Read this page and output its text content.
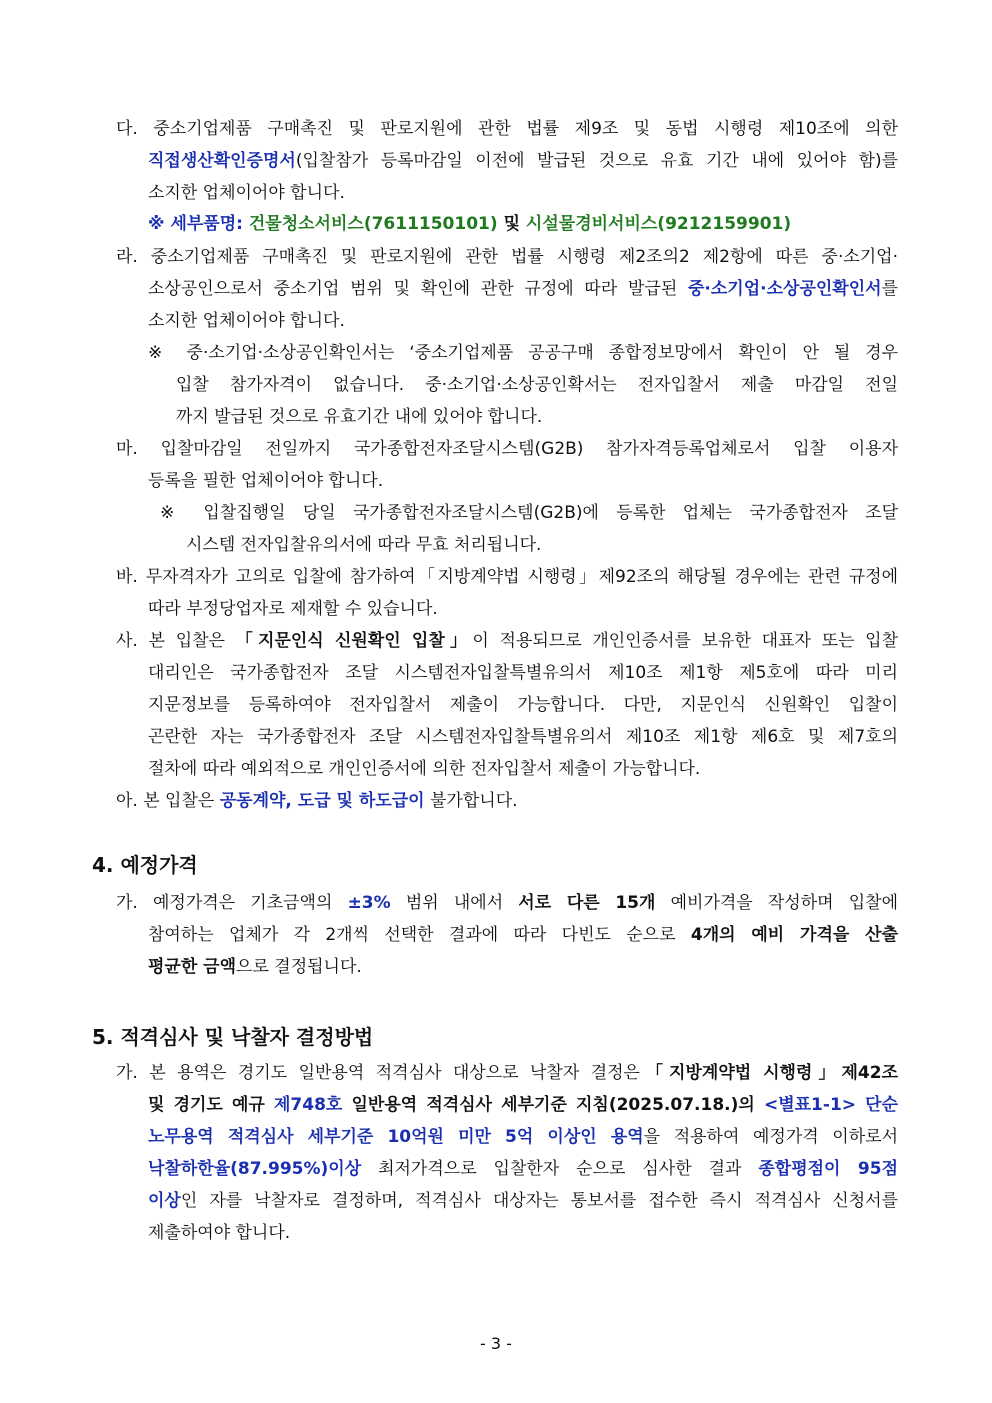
다. 중소기업제품 구매촉진 및 판로지원에 관한 법률 제9조 및 동법 시행령 제10조에 의한
직접생산확인증명서(입찰참가 등록마감일 이전에 발급된 것으로 유효 기간 내에 있어야 함)를
소지한 업체이어야 합니다.
※ 세부품명: 건물청소서비스(7611150101) 및 시설물경비서비스(9212159901)
라. 중소기업제품 구매촉진 및 판로지원에 관한 법률 시행령 제2조의2 제2항에 따른 중·소기업·
소상공인으로서 중소기업 범위 및 확인에 관한 규정에 따라 발급된 중·소기업·소상공인확인서를
소지한 업체이어야 합니다.
※ 중·소기업·소상공인확인서는 ‘중소기업제품 공공구매 종합정보망에서 확인이 안 될 경우
입찰 참가자격이 없습니다. 중·소기업·소상공인확서는 전자입찰서 제출 마감일 전일
까지 발급된 것으로 유효기간 내에 있어야 합니다.
마. 입찰마감일 전일까지 국가종합전자조달시스템(G2B) 참가자격등록업체로서 입찰 이용자
등록을 필한 업체이어야 합니다.
※ 입찰집행일 당일 국가종합전자조달시스템(G2B)에 등록한 업체는 국가종합전자 조달
시스템 전자입찰유의서에 따라 무효 처리됩니다.
바. 무자격자가 고의로 입찰에 참가하여「지방계약법 시행령」제92조의 해당될 경우에는 관련 규정에
따라 부정당업자로 제재할 수 있습니다.
사. 본 입찰은 「지문인식 신원확인 입찰」이 적용되므로 개인인증서를 보유한 대표자 또는 입찰
대리인은 국가종합전자 조달 시스템전자입찰특별유의서 제10조 제1항 제5호에 따라 미리
지문정보를 등록하여야 전자입찰서 제출이 가능합니다. 다만, 지문인식 신원확인 입찰이
곤란한 자는 국가종합전자 조달 시스템전자입찰특별유의서 제10조 제1항 제6호 및 제7호의
절차에 따라 예외적으로 개인인증서에 의한 전자입찰서 제출이 가능합니다.
아. 본 입찰은 공동계약, 도급 및 하도급이 불가합니다.
4. 예정가격
가. 예정가격은 기초금액의 ±3% 범위 내에서 서로 다른 15개 예비가격을 작성하며 입찰에
참여하는 업체가 각 2개씩 선택한 결과에 따라 다빈도 순으로 4개의 예비 가격을 산출
평균한 금액으로 결정됩니다.
5. 적격심사 및 낙찰자 결정방법
가. 본 용역은 경기도 일반용역 적격심사 대상으로 낙찰자 결정은「지방계약법 시행령」제42조
및 경기도 예규 제748호 일반용역 적격심사 세부기준 지침(2025.07.18.)의 <별표1-1> 단순
노무용역 적격심사 세부기준 10억원 미만 5억 이상인 용역을 적용하여 예정가격 이하로서
낙찰하한율(87.995%)이상 최저가격으로 입찰한자 순으로 심사한 결과 종합평점이 95점
이상인 자를 낙찰자로 결정하며, 적격심사 대상자는 통보서를 접수한 즉시 적격심사 신청서를
제출하여야 합니다.
- 3 -
